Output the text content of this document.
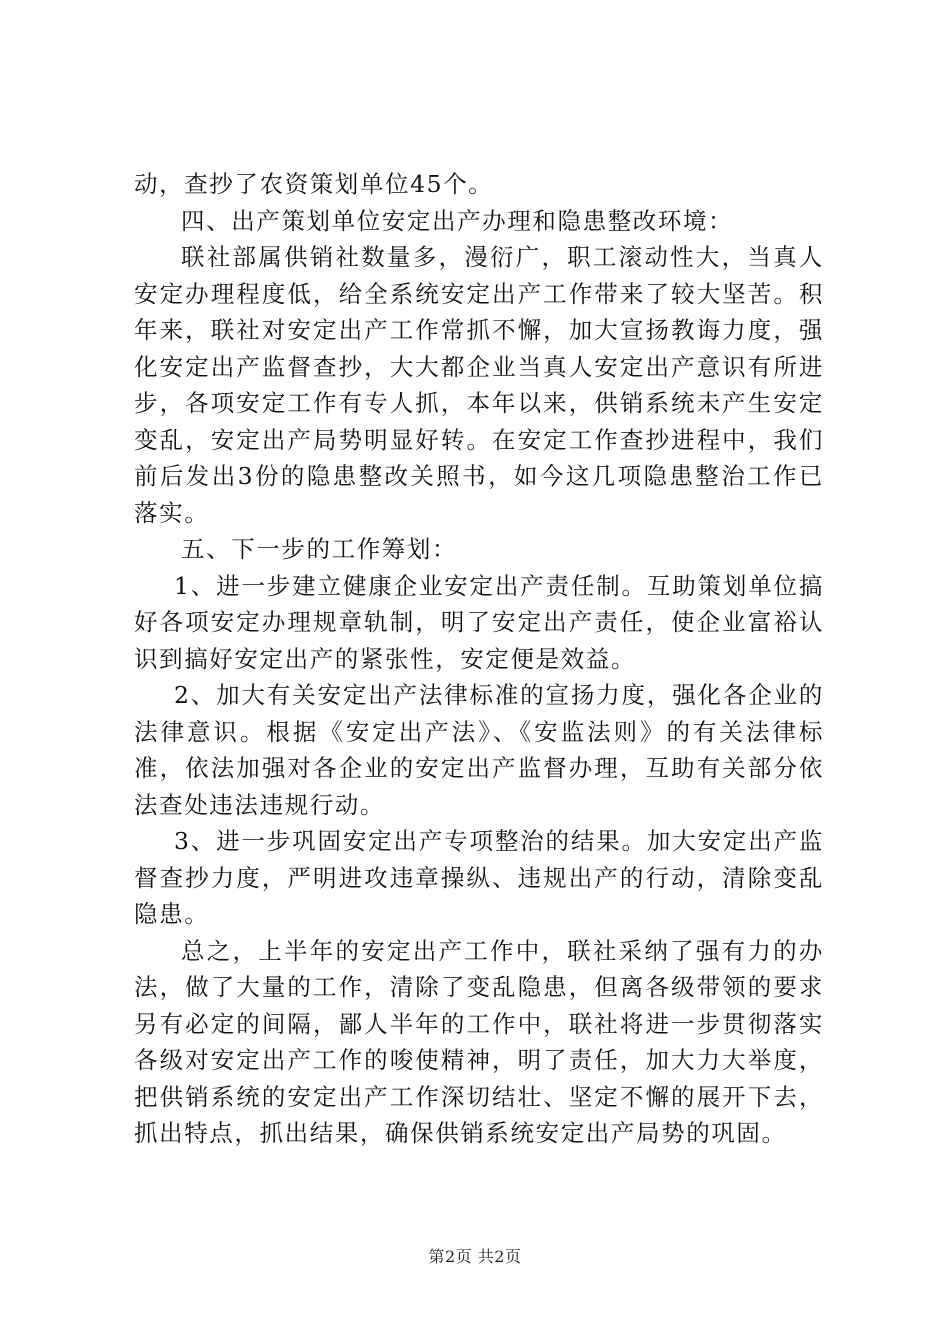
动，查抄了农资策划单位45个。

四、出产策划单位安定出产办理和隐患整改环境：

联社部属供销社数量多，漫衍广，职工滚动性大，当真人安定办理程度低，给全系统安定出产工作带来了较大坚苦。积年来，联社对安定出产工作常抓不懈，加大宣扬教诲力度，强化安定出产监督查抄，大大都企业当真人安定出产意识有所进步，各项安定工作有专人抓，本年以来，供销系统未产生安定变乱，安定出产局势明显好转。在安定工作查抄进程中，我们前后发出3份的隐患整改关照书，如今这几项隐患整治工作已落实。

五、下一步的工作筹划：

1、进一步建立健康企业安定出产责任制。互助策划单位搞好各项安定办理规章轨制，明了安定出产责任，使企业富裕认识到搞好安定出产的紧张性，安定便是效益。

2、加大有关安定出产法律标准的宣扬力度，强化各企业的法律意识。根据《安定出产法》、《安监法则》的有关法律标准，依法加强对各企业的安定出产监督办理，互助有关部分依法查处违法违规行动。

3、进一步巩固安定出产专项整治的结果。加大安定出产监督查抄力度，严明进攻违章操纵、违规出产的行动，清除变乱隐患。

总之，上半年的安定出产工作中，联社采纳了强有力的办法，做了大量的工作，清除了变乱隐患，但离各级带领的要求另有必定的间隔，鄙人半年的工作中，联社将进一步贯彻落实各级对安定出产工作的唆使精神，明了责任，加大力大举度，把供销系统的安定出产工作深切结壮、坚定不懈的展开下去，抓出特点，抓出结果，确保供销系统安定出产局势的巩固。

第2页 共2页
